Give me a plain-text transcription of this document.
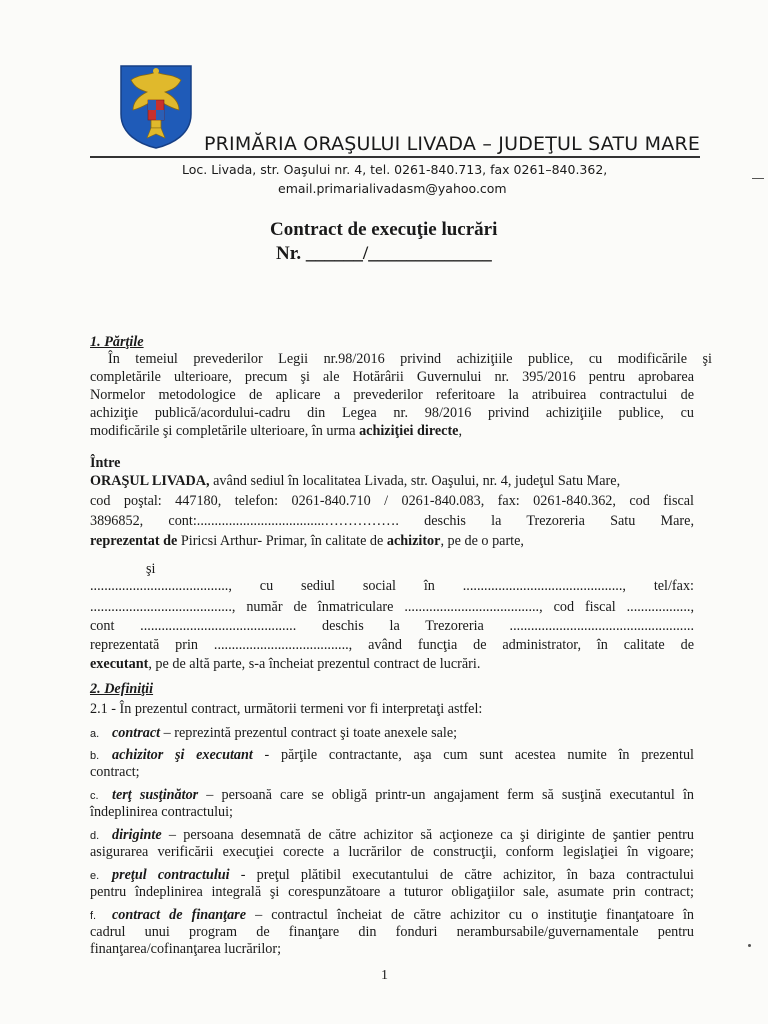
PRIMĂRIA ORAŞULUI LIVADA – JUDEŢUL SATU MARE
Loc. Livada, str. Oaşului nr. 4, tel. 0261-840.713, fax 0261–840.362,
email.primarialivadasm@yahoo.com
Contract de execuţie lucrări
Nr. ______/_____________
1. Părţile
În temeiul prevederilor Legii nr.98/2016 privind achiziţiile publice, cu modificările şi
completările ulterioare, precum şi ale Hotărârii Guvernului nr. 395/2016 pentru aprobarea
Normelor metodologice de aplicare a prevederilor referitoare la atribuirea contractului de
achiziţie publică/acordului-cadru din Legea nr. 98/2016 privind achiziţiile publice, cu
modificările şi completările ulterioare, în urma achiziţiei directe,
Între
ORAŞUL LIVADA, având sediul în localitatea Livada, str. Oaşului, nr. 4, judeţul Satu Mare,
cod poştal: 447180, telefon: 0261-840.710 / 0261-840.083, fax: 0261-840.362, cod fiscal
3896852, cont:....................................……………. deschis la Trezoreria Satu Mare,
reprezentat de Piricsi Arthur- Primar, în calitate de achizitor, pe de o parte,
şi
......................................., cu sediul social în ............................................., tel/fax:
........................................, număr de înmatriculare ......................................, cod fiscal ..................,
cont ............................................ deschis la Trezoreria ....................................................
reprezentată prin ......................................, având funcţia de administrator, în calitate de
executant, pe de altă parte, s-a încheiat prezentul contract de lucrări.
2. Definiţii
2.1 - În prezentul contract, următorii termeni vor fi interpretaţi astfel:
a. contract – reprezintă prezentul contract şi toate anexele sale;
b. achizitor şi executant - părţile contractante, aşa cum sunt acestea numite în prezentul
contract;
c. terţ susţinător – persoană care se obligă printr-un angajament ferm să susţină executantul în
îndeplinirea contractului;
d. diriginte – persoana desemnată de către achizitor să acţioneze ca şi diriginte de şantier pentru
asigurarea verificării execuţiei corecte a lucrărilor de construcţii, conform legislaţiei în vigoare;
e. preţul contractului - preţul plătibil executantului de către achizitor, în baza contractului
pentru îndeplinirea integrală şi corespunzătoare a tuturor obligaţiilor sale, asumate prin contract;
f. contract de finanţare – contractul încheiat de către achizitor cu o instituţie finanţatoare în
cadrul unui program de finanţare din fonduri nerambursabile/guvernamentale pentru
finanţarea/cofinanţarea lucrărilor;
1
